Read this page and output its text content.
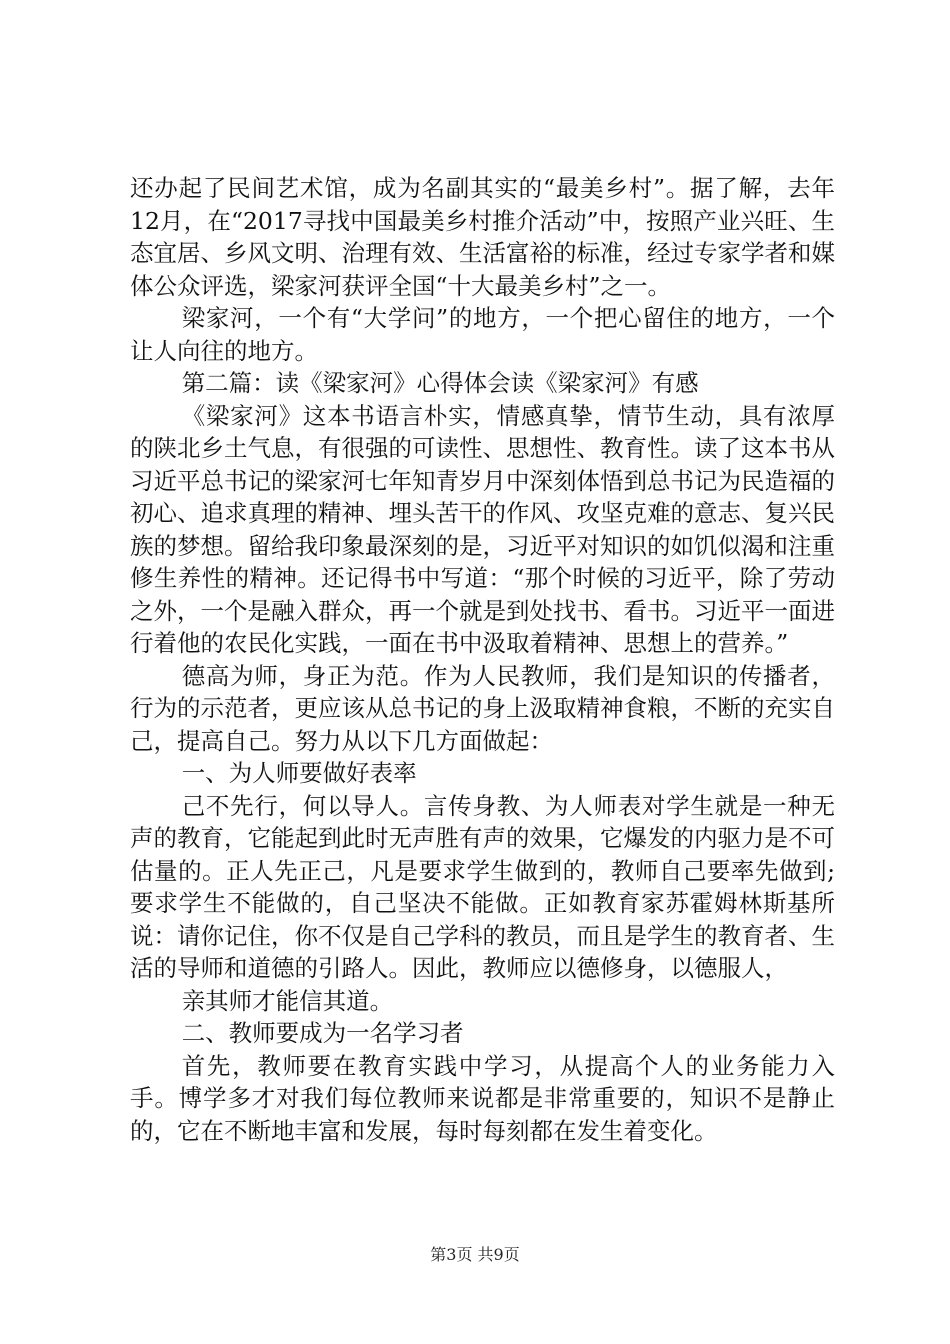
还办起了民间艺术馆，成为名副其实的“最美乡村”。据了解，去年12月，在“2017寻找中国最美乡村推介活动”中，按照产业兴旺、生态宜居、乡风文明、治理有效、生活富裕的标准，经过专家学者和媒体公众评选，梁家河获评全国“十大最美乡村”之一。

梁家河，一个有“大学问”的地方，一个把心留住的地方，一个让人向往的地方。

第二篇：读《梁家河》心得体会读《梁家河》有感

《梁家河》这本书语言朴实，情感真挚，情节生动，具有浓厚的陕北乡土气息，有很强的可读性、思想性、教育性。读了这本书从习近平总书记的梁家河七年知青岁月中深刻体悟到总书记为民造福的初心、追求真理的精神、埋头苦干的作风、攻坚克难的意志、复兴民族的梦想。留给我印象最深刻的是，习近平对知识的如饥似渴和注重修生养性的精神。还记得书中写道：“那个时候的习近平，除了劳动之外，一个是融入群众，再一个就是到处找书、看书。习近平一面进行着他的农民化实践，一面在书中汲取着精神、思想上的营养。”

德高为师，身正为范。作为人民教师，我们是知识的传播者，行为的示范者，更应该从总书记的身上汲取精神食粮，不断的充实自己，提高自己。努力从以下几方面做起：

一、为人师要做好表率

己不先行，何以导人。言传身教、为人师表对学生就是一种无声的教育，它能起到此时无声胜有声的效果，它爆发的内驱力是不可估量的。正人先正己，凡是要求学生做到的，教师自己要率先做到;要求学生不能做的，自己坚决不能做。正如教育家苏霍姆林斯基所说：请你记住，你不仅是自己学科的教员，而且是学生的教育者、生活的导师和道德的引路人。因此，教师应以德修身，以德服人，

亲其师才能信其道。

二、教师要成为一名学习者

首先，教师要在教育实践中学习，从提高个人的业务能力入手。博学多才对我们每位教师来说都是非常重要的，知识不是静止的，它在不断地丰富和发展，每时每刻都在发生着变化。

第3页 共9页
